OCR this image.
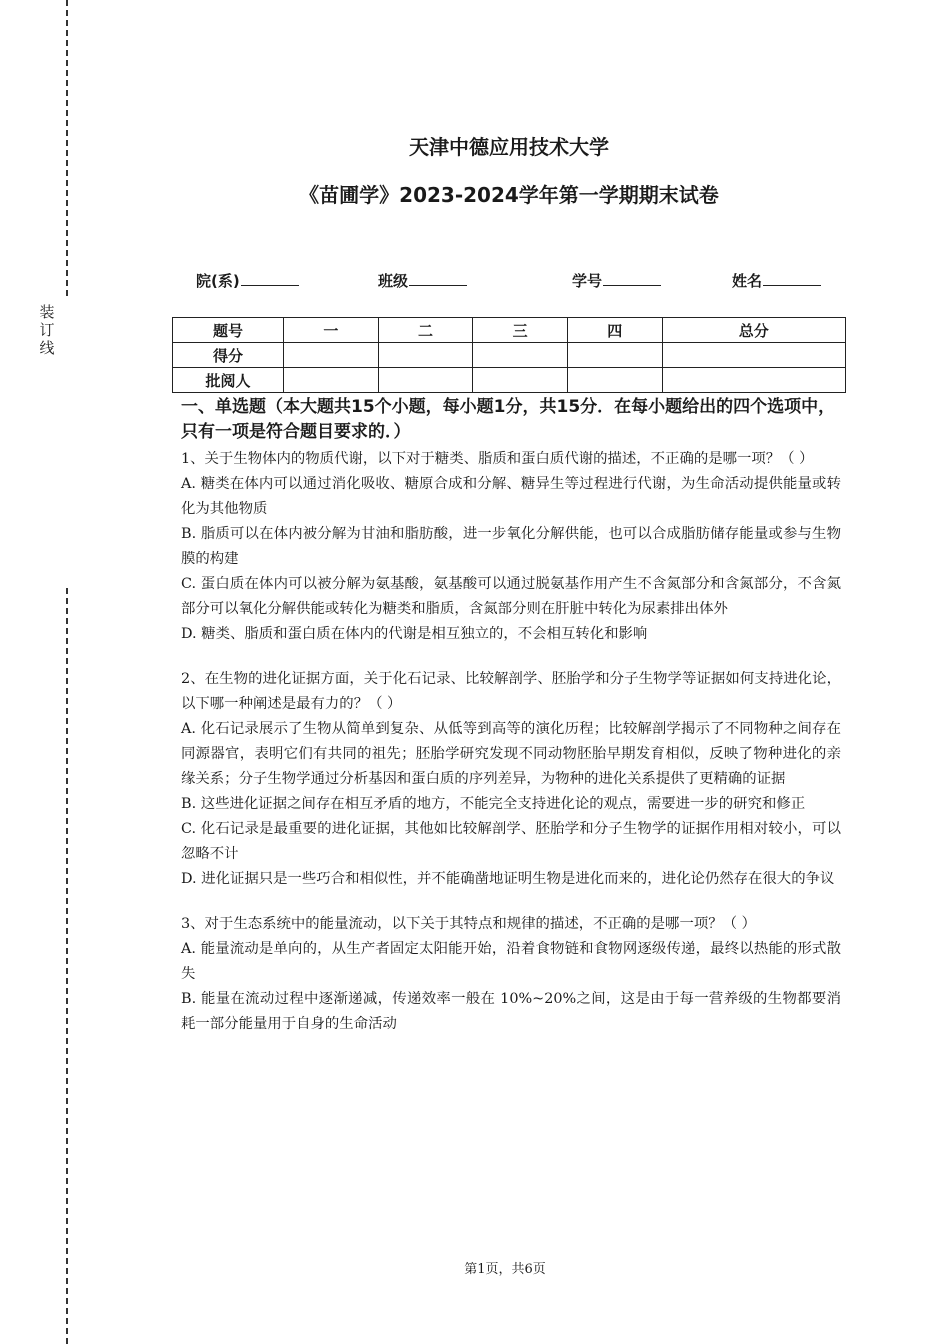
装
订
线
天津中德应用技术大学
《苗圃学》2023-2024学年第一学期期末试卷
院(系)	班级	学号	姓名
题号	一	二	三	四	总分
得分					
批阅人					

一、单选题（本大题共15个小题，每小题1分，共15分．在每小题给出的四个选项中，只有一项是符合题目要求的．）

1、关于生物体内的物质代谢，以下对于糖类、脂质和蛋白质代谢的描述，不正确的是哪一项？（ ）

A. 糖类在体内可以通过消化吸收、糖原合成和分解、糖异生等过程进行代谢，为生命活动提供能量或转化为其他物质

B. 脂质可以在体内被分解为甘油和脂肪酸，进一步氧化分解供能，也可以合成脂肪储存能量或参与生物膜的构建

C. 蛋白质在体内可以被分解为氨基酸，氨基酸可以通过脱氨基作用产生不含氮部分和含氮部分，不含氮部分可以氧化分解供能或转化为糖类和脂质，含氮部分则在肝脏中转化为尿素排出体外

D. 糖类、脂质和蛋白质在体内的代谢是相互独立的，不会相互转化和影响

2、在生物的进化证据方面，关于化石记录、比较解剖学、胚胎学和分子生物学等证据如何支持进化论，以下哪一种阐述是最有力的？（ ）

A. 化石记录展示了生物从简单到复杂、从低等到高等的演化历程；比较解剖学揭示了不同物种之间存在同源器官，表明它们有共同的祖先；胚胎学研究发现不同动物胚胎早期发育相似，反映了物种进化的亲缘关系；分子生物学通过分析基因和蛋白质的序列差异，为物种的进化关系提供了更精确的证据

B. 这些进化证据之间存在相互矛盾的地方，不能完全支持进化论的观点，需要进一步的研究和修正

C. 化石记录是最重要的进化证据，其他如比较解剖学、胚胎学和分子生物学的证据作用相对较小，可以忽略不计

D. 进化证据只是一些巧合和相似性，并不能确凿地证明生物是进化而来的，进化论仍然存在很大的争议

3、对于生态系统中的能量流动，以下关于其特点和规律的描述，不正确的是哪一项？（ ）

A. 能量流动是单向的，从生产者固定太阳能开始，沿着食物链和食物网逐级传递，最终以热能的形式散失

B. 能量在流动过程中逐渐递减，传递效率一般在 10%~20%之间，这是由于每一营养级的生物都要消耗一部分能量用于自身的生命活动

第1页，共6页
